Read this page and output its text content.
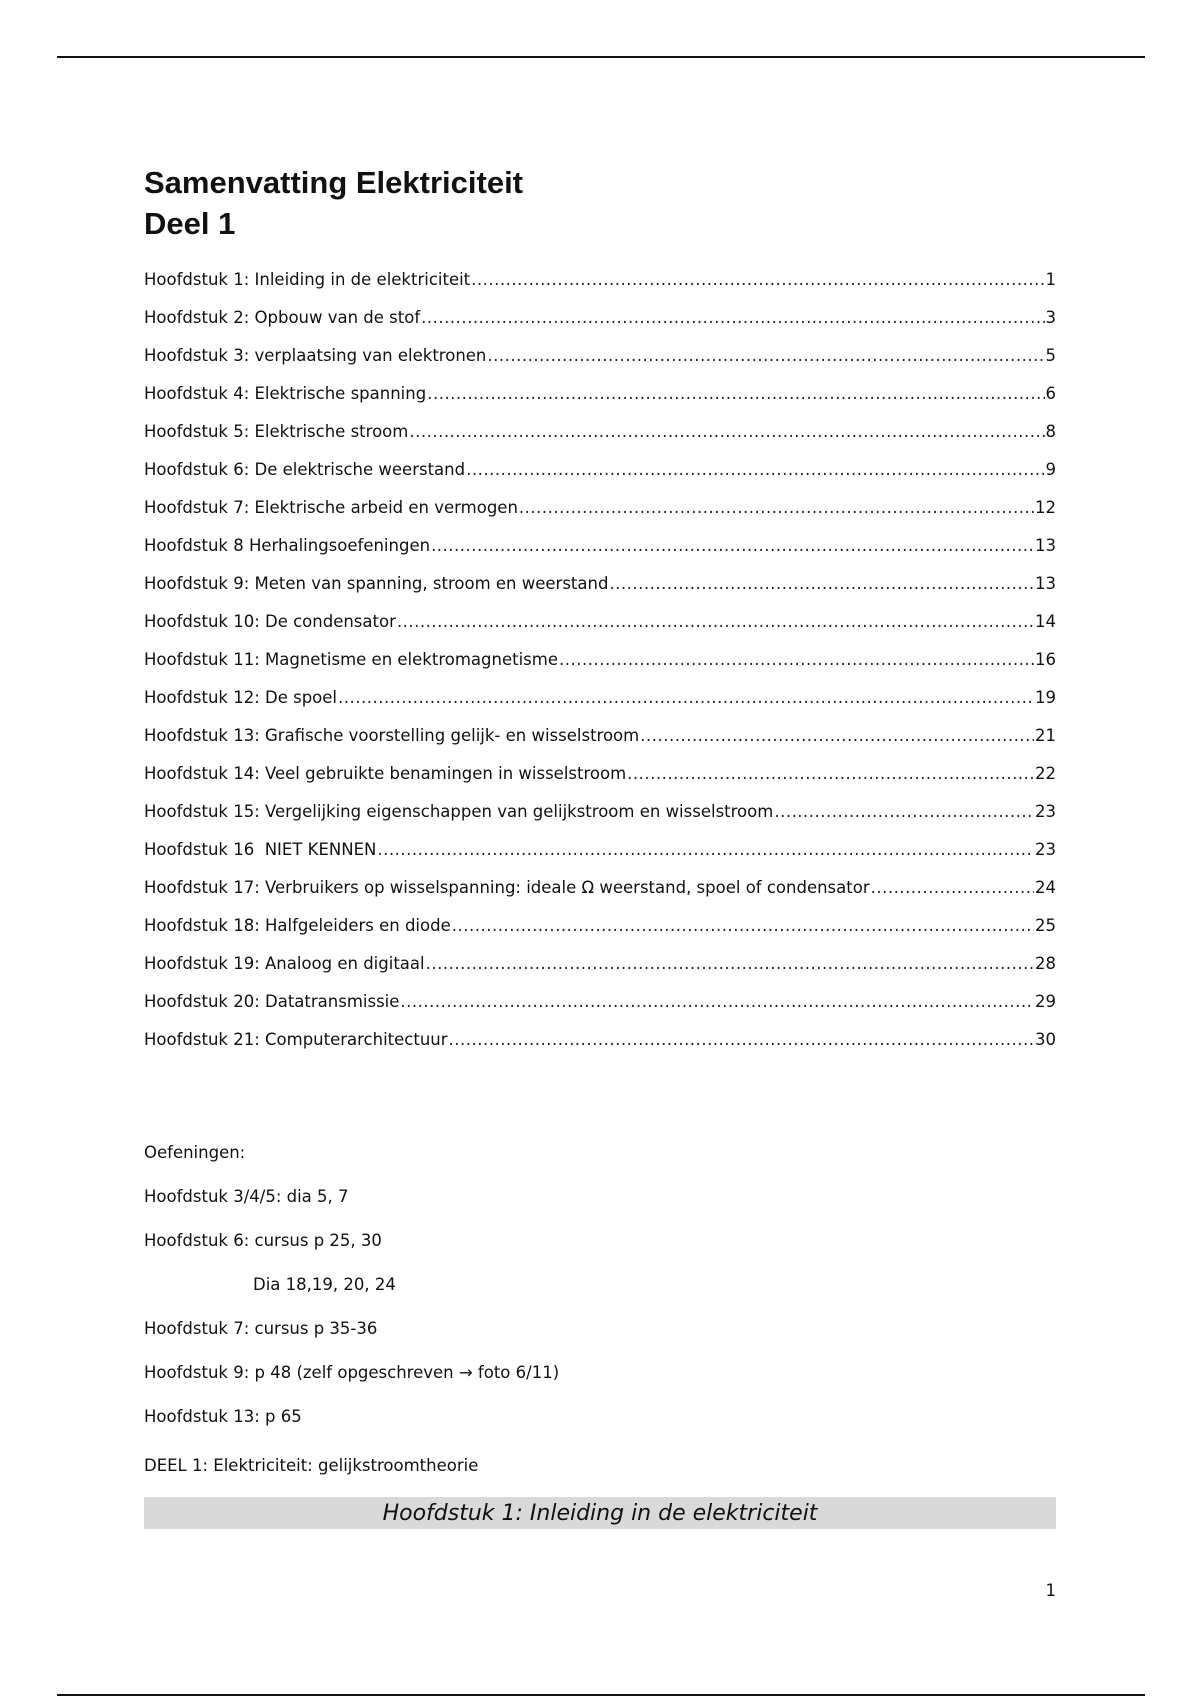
Samenvatting Elektriciteit
Deel 1
Hoofdstuk 1: Inleiding in de elektriciteit .....	1
Hoofdstuk 2: Opbouw van de stof .....	3
Hoofdstuk 3: verplaatsing van elektronen .....	5
Hoofdstuk 4: Elektrische spanning .....	6
Hoofdstuk 5: Elektrische stroom .....	8
Hoofdstuk 6: De elektrische weerstand .....	9
Hoofdstuk 7: Elektrische arbeid en vermogen .....	12
Hoofdstuk 8 Herhalingsoefeningen .....	13
Hoofdstuk 9: Meten van spanning, stroom en weerstand .....	13
Hoofdstuk 10: De condensator .....	14
Hoofdstuk 11: Magnetisme en elektromagnetisme .....	16
Hoofdstuk 12: De spoel .....	19
Hoofdstuk 13: Grafische voorstelling gelijk- en wisselstroom .....	21
Hoofdstuk 14: Veel gebruikte benamingen in wisselstroom .....	22
Hoofdstuk 15: Vergelijking eigenschappen van gelijkstroom en wisselstroom .....	23
Hoofdstuk 16  NIET KENNEN .....	23
Hoofdstuk 17: Verbruikers op wisselspanning: ideale Ω weerstand, spoel of condensator .....	24
Hoofdstuk 18: Halfgeleiders en diode .....	25
Hoofdstuk 19: Analoog en digitaal .....	28
Hoofdstuk 20: Datatransmissie .....	29
Hoofdstuk 21: Computerarchitectuur .....	30
Oefeningen:
Hoofdstuk 3/4/5: dia 5, 7
Hoofdstuk 6: cursus p 25, 30
Dia 18,19, 20, 24
Hoofdstuk 7: cursus p 35-36
Hoofdstuk 9: p 48 (zelf opgeschreven → foto 6/11)
Hoofdstuk 13: p 65
DEEL 1: Elektriciteit: gelijkstroomtheorie
Hoofdstuk 1: Inleiding in de elektriciteit
1
